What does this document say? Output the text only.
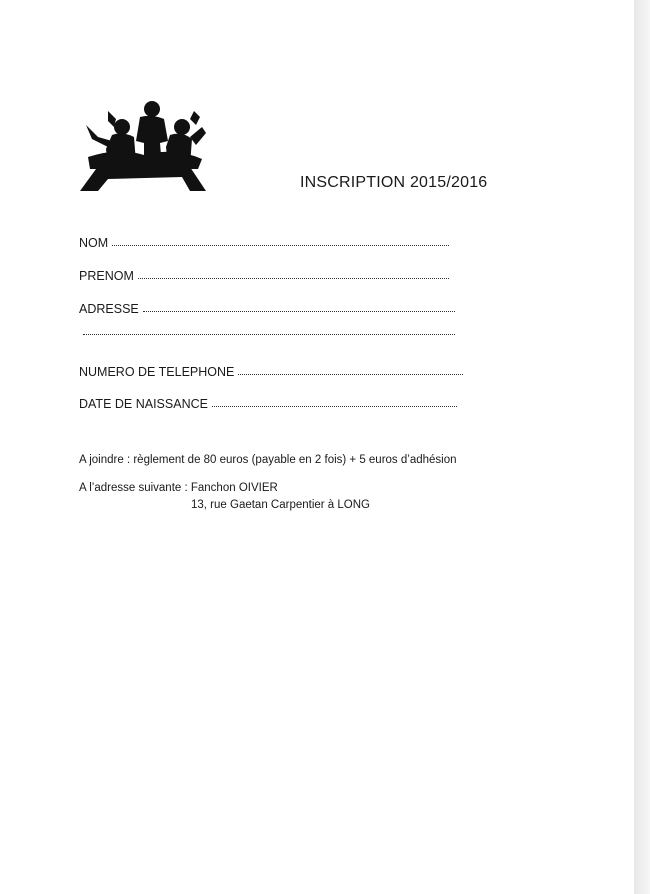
INSCRIPTION 2015/2016
NOM
PRENOM
ADRESSE
NUMERO DE TELEPHONE
DATE DE NAISSANCE
A joindre : règlement de 80 euros (payable en 2 fois) + 5 euros d’adhésion
A l’adresse suivante : Fanchon OIVIER
13, rue Gaetan Carpentier à LONG
